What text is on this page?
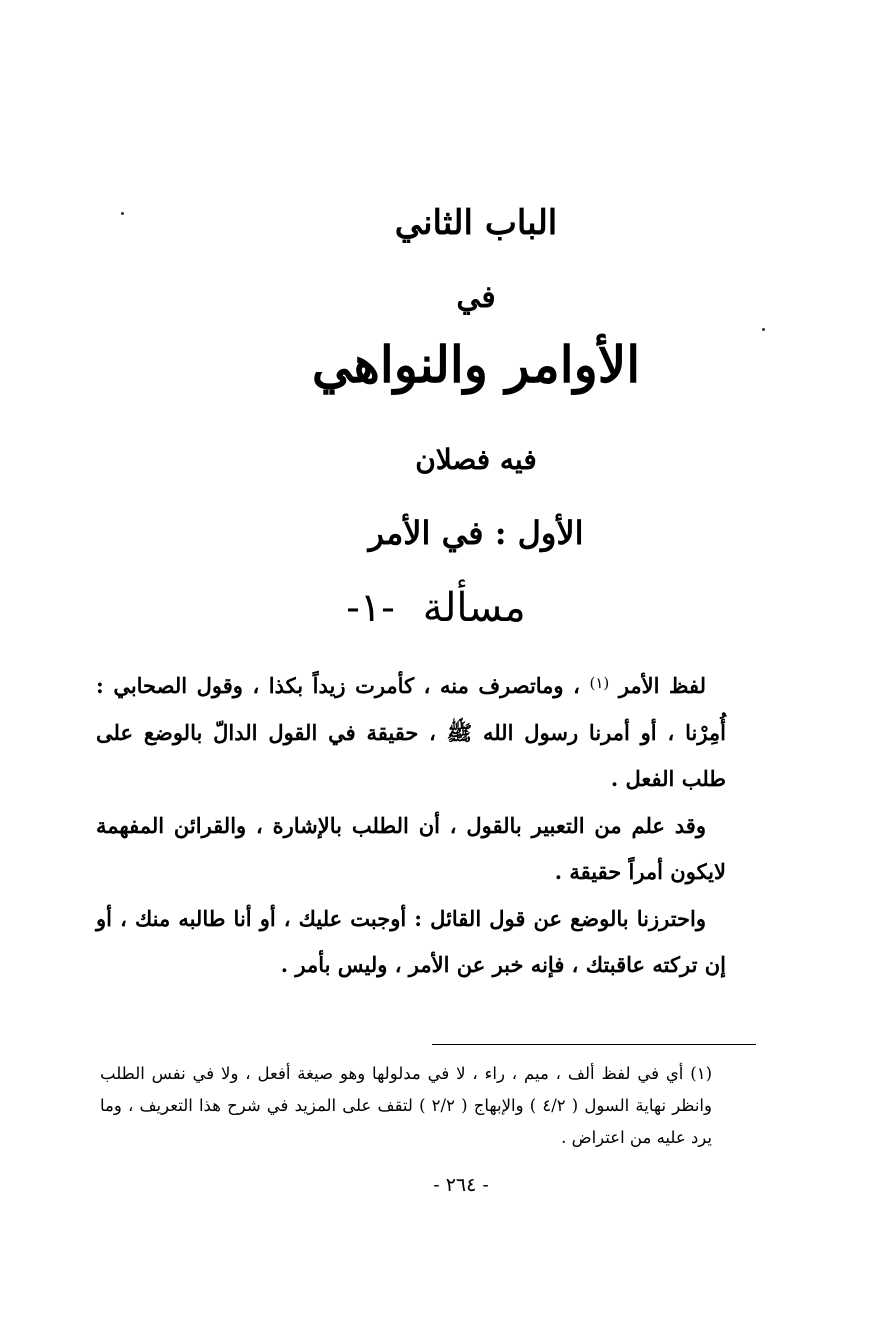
الباب الثاني
في
الأوامر والنواهي
فيه فصلان
الأول : في الأمر
مسألة-١-

لفظ الأمر $^{(١)}$ ، وماتصرف منه ، كأمرت زيداً بكذا ، وقول الصحابي : أُمِرْنا ، أو أمرنا رسول الله ﷺ ، حقيقة في القول الدالّ بالوضع على طلب الفعل .

وقد علم من التعبير بالقول ، أن الطلب بالإشارة ، والقرائن المفهمة لايكون أمراً حقيقة .

واحترزنا بالوضع عن قول القائل : أوجبت عليك ، أو أنا طالبه منك ، أو إن تركته عاقبتك ، فإنه خبر عن الأمر ، وليس بأمر .

(١) أي في لفظ ألف ، ميم ، راء ، لا في مدلولها وهو صيغة أفعل ، ولا في نفس الطلب وانظر نهاية السول ( ٤/٢ ) والإبهاج ( ٢/٢ ) لتقف على المزيد في شرح هذا التعريف ، وما يرد عليه من اعتراض .

- ٢٦٤ -
